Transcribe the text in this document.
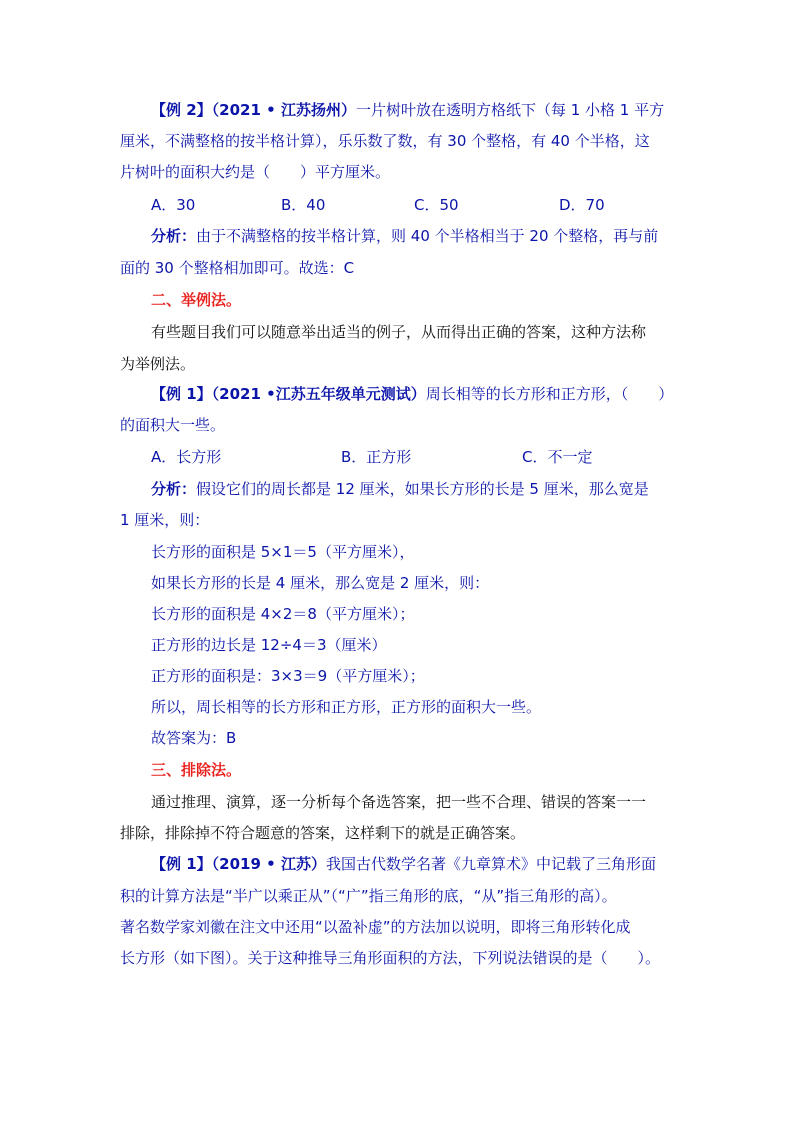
【例 2】（2021 • 江苏扬州）一片树叶放在透明方格纸下（每 1 小格 1 平方
厘米，不满整格的按半格计算），乐乐数了数，有 30 个整格，有 40 个半格，这
片树叶的面积大约是（　　）平方厘米。
A．30	B．40	C．50	D．70
分析：由于不满整格的按半格计算，则 40 个半格相当于 20 个整格，再与前
面的 30 个整格相加即可。故选：C
二、举例法。
有些题目我们可以随意举出适当的例子，从而得出正确的答案，这种方法称
为举例法。
【例 1】（2021 •江苏五年级单元测试）周长相等的长方形和正方形，（　　）
的面积大一些。
A．长方形	B．正方形	C．不一定
分析：假设它们的周长都是 12 厘米，如果长方形的长是 5 厘米，那么宽是
1 厘米，则：
长方形的面积是 5×1＝5（平方厘米），
如果长方形的长是 4 厘米，那么宽是 2 厘米，则：
长方形的面积是 4×2＝8（平方厘米）；
正方形的边长是 12÷4＝3（厘米）
正方形的面积是：3×3＝9（平方厘米）；
所以，周长相等的长方形和正方形，正方形的面积大一些。
故答案为：B
三、排除法。
通过推理、演算，逐一分析每个备选答案，把一些不合理、错误的答案一一
排除，排除掉不符合题意的答案，这样剩下的就是正确答案。
【例 1】（2019 • 江苏）我国古代数学名著《九章算术》中记载了三角形面
积的计算方法是“半广以乘正从”（“广”指三角形的底，“从”指三角形的高）。
著名数学家刘徽在注文中还用“以盈补虚”的方法加以说明，即将三角形转化成
长方形（如下图）。关于这种推导三角形面积的方法，下列说法错误的是（　　）。
